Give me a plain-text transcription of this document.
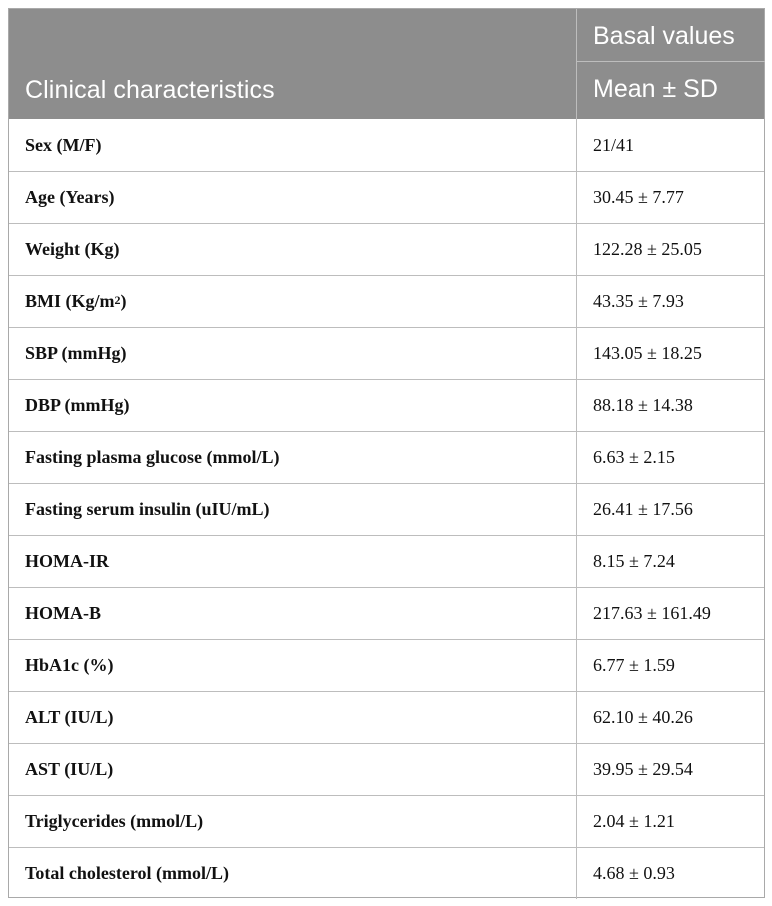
Clinical characteristics
Basal values
Mean ± SD
Sex (M/F)	21/41
Age (Years)	30.45 ± 7.77
Weight (Kg)	122.28 ± 25.05
BMI ($Kg/m^2$ )	43.35 ± 7.93
SBP (mmHg)	143.05 ± 18.25
DBP (mmHg)	88.18 ± 14.38
Fasting plasma glucose (mmol/L)	6.63 ± 2.15
Fasting serum insulin (uIU/mL)	26.41 ± 17.56
HOMA-IR	8.15 ± 7.24
HOMA-B	217.63 ± 161.49
HbA1c (%)	6.77 ± 1.59
ALT (IU/L)	62.10 ± 40.26
AST (IU/L)	39.95 ± 29.54
Triglycerides (mmol/L)	2.04 ± 1.21
Total cholesterol (mmol/L)	4.68 ± 0.93
